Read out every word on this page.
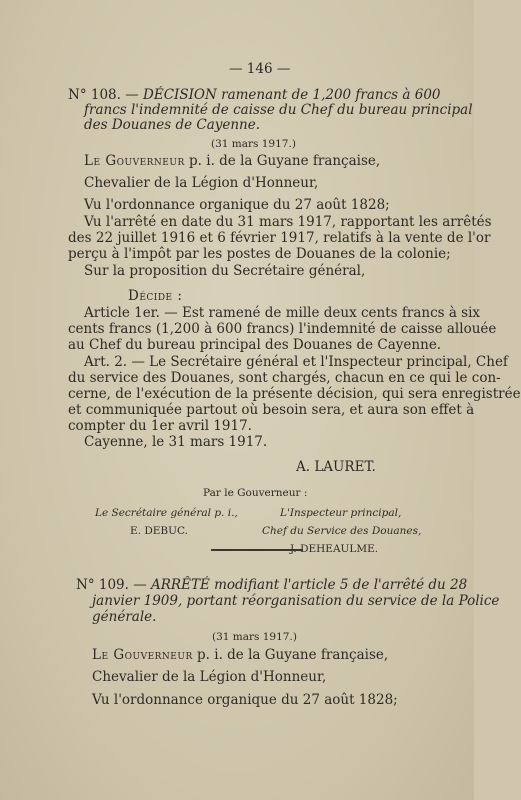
— 146 —
N° 108. — DÉCISION ramenant de 1,200 francs à 600
francs l'indemnité de caisse du Chef du bureau principal
des Douanes de Cayenne.
(31 mars 1917.)
Le Gouverneur p. i. de la Guyane française,
Chevalier de la Légion d'Honneur,
Vu l'ordonnance organique du 27 août 1828;
Vu l'arrêté en date du 31 mars 1917, rapportant les arrêtés
des 22 juillet 1916 et 6 février 1917, relatifs à la vente de l'or
perçu à l'impôt par les postes de Douanes de la colonie;
Sur la proposition du Secrétaire général,
Décide :
Article 1er. — Est ramené de mille deux cents francs à six
cents francs (1,200 à 600 francs) l'indemnité de caisse allouée
au Chef du bureau principal des Douanes de Cayenne.
Art. 2. — Le Secrétaire général et l'Inspecteur principal, Chef
du service des Douanes, sont chargés, chacun en ce qui le con-
cerne, de l'exécution de la présente décision, qui sera enregistrée
et communiquée partout où besoin sera, et aura son effet à
compter du 1er avril 1917.
Cayenne, le 31 mars 1917.
A. LAURET.
Par le Gouverneur :
Le Secrétaire général p. i.,
E. DEBUC.
L'Inspecteur principal,
Chef du Service des Douanes,
J. DEHEAULME.
N° 109. — ARRÊTÉ modifiant l'article 5 de l'arrêté du 28
janvier 1909, portant réorganisation du service de la Police
générale.
(31 mars 1917.)
Le Gouverneur p. i. de la Guyane française,
Chevalier de la Légion d'Honneur,
Vu l'ordonnance organique du 27 août 1828;
